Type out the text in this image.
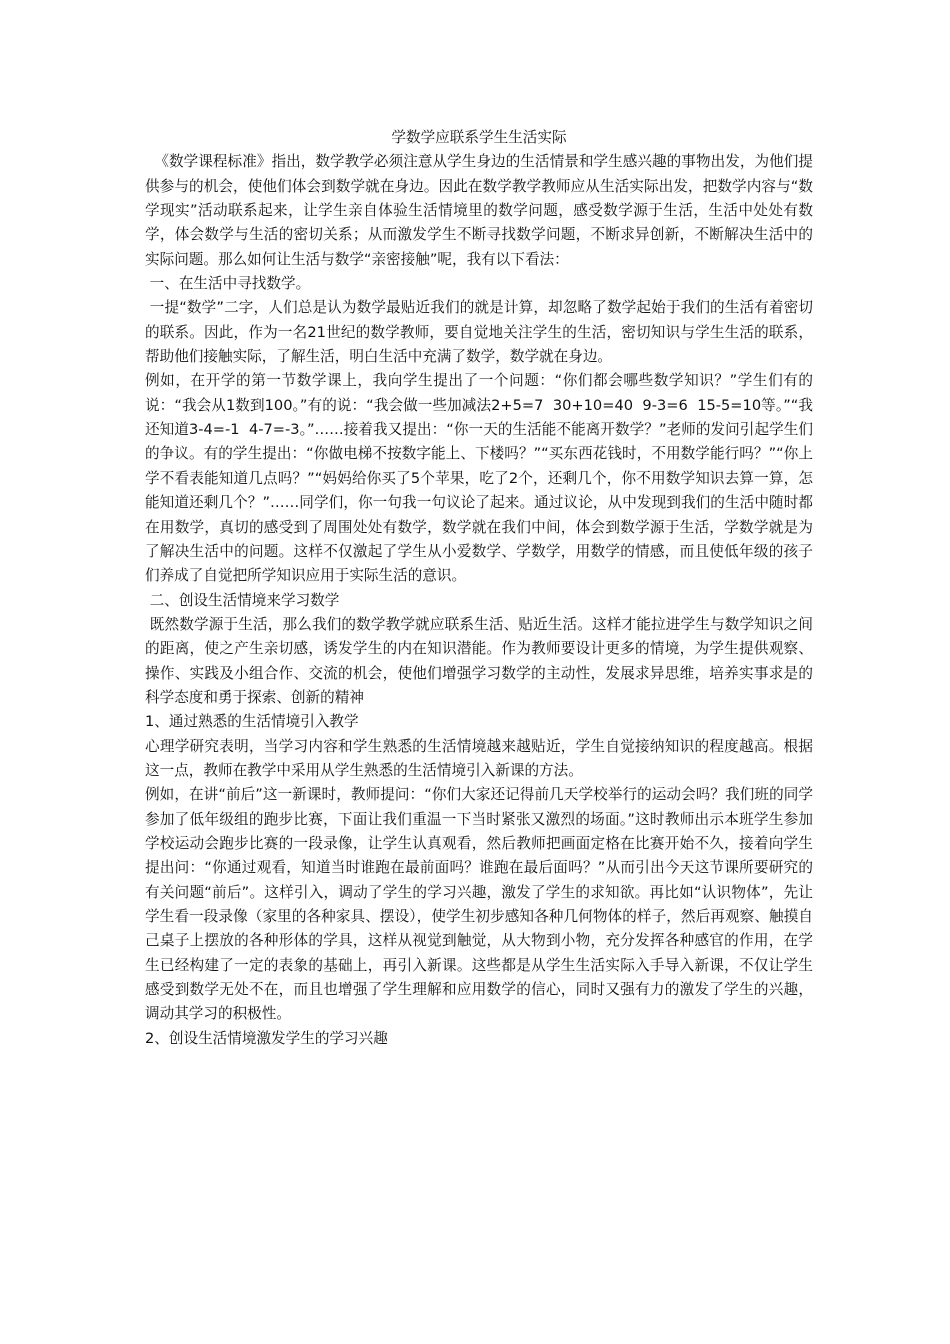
学数学应联系学生生活实际

《数学课程标准》指出，数学教学必须注意从学生身边的生活情景和学生感兴趣的事物出发，为他们提供参与的机会，使他们体会到数学就在身边。因此在数学教学教师应从生活实际出发，把数学内容与“数学现实”活动联系起来，让学生亲自体验生活情境里的数学问题，感受数学源于生活，生活中处处有数学，体会数学与生活的密切关系；从而激发学生不断寻找数学问题，不断求异创新，不断解决生活中的实际问题。那么如何让生活与数学“亲密接触”呢，我有以下看法：

一、在生活中寻找数学。

一提“数学”二字，人们总是认为数学最贴近我们的就是计算，却忽略了数学起始于我们的生活有着密切的联系。因此，作为一名21世纪的数学教师，要自觉地关注学生的生活，密切知识与学生生活的联系，帮助他们接触实际，了解生活，明白生活中充满了数学，数学就在身边。

例如，在开学的第一节数学课上，我向学生提出了一个问题：“你们都会哪些数学知识？”学生们有的说：“我会从1数到100。”有的说：“我会做一些加减法2+5=7  30+10=40  9-3=6  15-5=10等。”“我还知道3-4=-1  4-7=-3。”……接着我又提出：“你一天的生活能不能离开数学？”老师的发问引起学生们的争议。有的学生提出：“你做电梯不按数字能上、下楼吗？”“买东西花钱时，不用数学能行吗？”“你上学不看表能知道几点吗？”“妈妈给你买了5个苹果，吃了2个，还剩几个，你不用数学知识去算一算，怎能知道还剩几个？”……同学们，你一句我一句议论了起来。通过议论，从中发现到我们的生活中随时都在用数学，真切的感受到了周围处处有数学，数学就在我们中间，体会到数学源于生活，学数学就是为了解决生活中的问题。这样不仅激起了学生从小爱数学、学数学，用数学的情感，而且使低年级的孩子们养成了自觉把所学知识应用于实际生活的意识。

二、创设生活情境来学习数学

既然数学源于生活，那么我们的数学教学就应联系生活、贴近生活。这样才能拉进学生与数学知识之间的距离，使之产生亲切感，诱发学生的内在知识潜能。作为教师要设计更多的情境，为学生提供观察、操作、实践及小组合作、交流的机会，使他们增强学习数学的主动性，发展求异思维，培养实事求是的科学态度和勇于探索、创新的精神

1、通过熟悉的生活情境引入教学

心理学研究表明，当学习内容和学生熟悉的生活情境越来越贴近，学生自觉接纳知识的程度越高。根据这一点，教师在教学中采用从学生熟悉的生活情境引入新课的方法。

例如，在讲“前后”这一新课时，教师提问：“你们大家还记得前几天学校举行的运动会吗？我们班的同学参加了低年级组的跑步比赛，下面让我们重温一下当时紧张又激烈的场面。”这时教师出示本班学生参加学校运动会跑步比赛的一段录像，让学生认真观看，然后教师把画面定格在比赛开始不久，接着向学生提出问：“你通过观看，知道当时谁跑在最前面吗？谁跑在最后面吗？”从而引出今天这节课所要研究的有关问题“前后”。这样引入，调动了学生的学习兴趣，激发了学生的求知欲。再比如“认识物体”，先让学生看一段录像（家里的各种家具、摆设），使学生初步感知各种几何物体的样子，然后再观察、触摸自己桌子上摆放的各种形体的学具，这样从视觉到触觉，从大物到小物，充分发挥各种感官的作用，在学生已经构建了一定的表象的基础上，再引入新课。这些都是从学生生活实际入手导入新课，不仅让学生感受到数学无处不在，而且也增强了学生理解和应用数学的信心，同时又强有力的激发了学生的兴趣，调动其学习的积极性。

2、创设生活情境激发学生的学习兴趣
